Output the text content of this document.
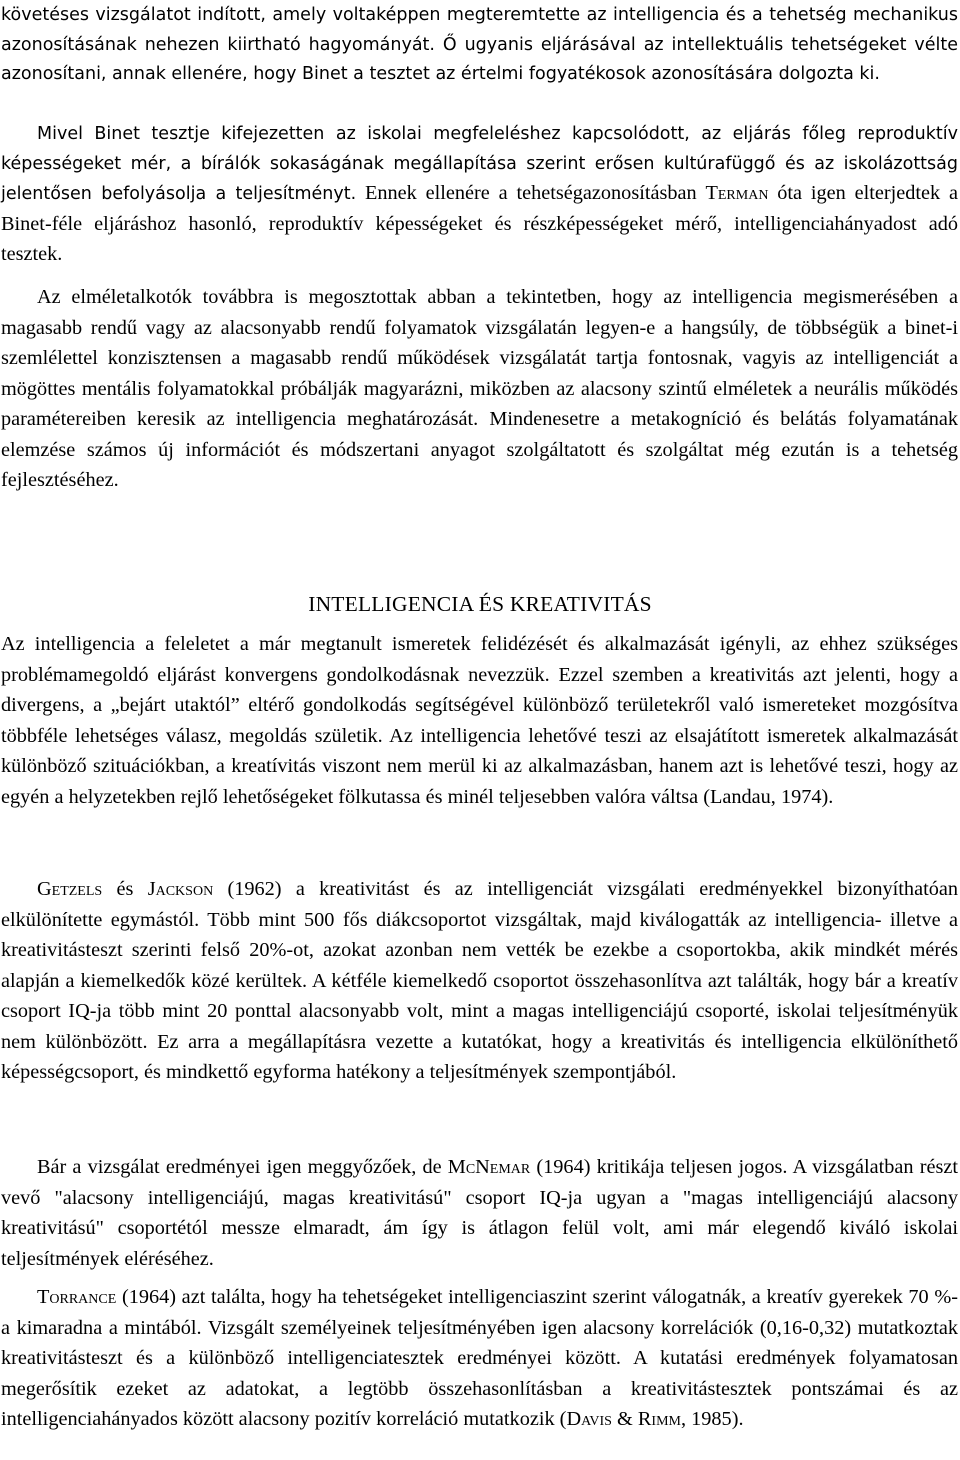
követéses vizsgálatot indított, amely voltaképpen megteremtette az intelligencia és a tehetség mechanikus azonosításának nehezen kiirtható hagyományát. Ő ugyanis eljárásával az intellektuális tehetségeket vélte azonosítani, annak ellenére, hogy Binet a tesztet az értelmi fogyatékosok azonosítására dolgozta ki.

Mivel Binet tesztje kifejezetten az iskolai megfeleléshez kapcsolódott, az eljárás főleg reproduktív képességeket mér, a bírálók sokaságának megállapítása szerint erősen kultúrafüggő és az iskolázottság jelentősen befolyásolja a teljesítményt. Ennek ellenére a tehetségazonosításban Terman óta igen elterjedtek a Binet-féle eljáráshoz hasonló, reproduktív képességeket és részképességeket mérő, intelligenciahányadost adó tesztek.

Az elméletalkotók továbbra is megosztottak abban a tekintetben, hogy az intelligencia megismerésében a magasabb rendű vagy az alacsonyabb rendű folyamatok vizsgálatán legyen-e a hangsúly, de többségük a binet-i szemlélettel konzisztensen a magasabb rendű működések vizsgálatát tartja fontosnak, vagyis az intelligenciát a mögöttes mentális folyamatokkal próbálják magyarázni, miközben az alacsony szintű elméletek a neurális működés paramétereiben keresik az intelligencia meghatározását. Mindenesetre a metakogníció és belátás folyamatának elemzése számos új információt és módszertani anyagot szolgáltatott és szolgáltat még ezután is a tehetség fejlesztéséhez.

INTELLIGENCIA ÉS KREATIVITÁS

Az intelligencia a feleletet a már megtanult ismeretek felidézését és alkalmazását igényli, az ehhez szükséges problémamegoldó eljárást konvergens gondolkodásnak nevezzük. Ezzel szemben a kreativitás azt jelenti, hogy a divergens, a „bejárt utaktól” eltérő gondolkodás segítségével különböző területekről való ismereteket mozgósítva többféle lehetséges válasz, megoldás születik. Az intelligencia lehetővé teszi az elsajátított ismeretek alkalmazását különböző szituációkban, a kreatívitás viszont nem merül ki az alkalmazásban, hanem azt is lehetővé teszi, hogy az egyén a helyzetekben rejlő lehetőségeket fölkutassa és minél teljesebben valóra váltsa (Landau, 1974).

Getzels és Jackson (1962) a kreativitást és az intelligenciát vizsgálati eredményekkel bizonyíthatóan elkülönítette egymástól. Több mint 500 fős diákcsoportot vizsgáltak, majd kiválogatták az intelligencia- illetve a kreativitásteszt szerinti felső 20%-ot, azokat azonban nem vették be ezekbe a csoportokba, akik mindkét mérés alapján a kiemelkedők közé kerültek. A kétféle kiemelkedő csoportot összehasonlítva azt találták, hogy bár a kreatív csoport IQ-ja több mint 20 ponttal alacsonyabb volt, mint a magas intelligenciájú csoporté, iskolai teljesítményük nem különbözött. Ez arra a megállapításra vezette a kutatókat, hogy a kreativitás és intelligencia elkülöníthető képességcsoport, és mindkettő egyforma hatékony a teljesítmények szempontjából.

Bár a vizsgálat eredményei igen meggyőzőek, de McNemar (1964) kritikája teljesen jogos. A vizsgálatban részt vevő "alacsony intelligenciájú, magas kreativitású" csoport IQ-ja ugyan a "magas intelligenciájú alacsony kreativitású" csoportétól messze elmaradt, ám így is átlagon felül volt, ami már elegendő kiváló iskolai teljesítmények eléréséhez.

Torrance (1964) azt találta, hogy ha tehetségeket intelligenciaszint szerint válogatnák, a kreatív gyerekek 70 %-a kimaradna a mintából. Vizsgált személyeinek teljesítményében igen alacsony korrelációk (0,16-0,32) mutatkoztak kreativitásteszt és a különböző intelligenciatesztek eredményei között. A kutatási eredmények folyamatosan megerősítik ezeket az adatokat, a legtöbb összehasonlításban a kreativitástesztek pontszámai és az intelligenciahányados között alacsony pozitív korreláció mutatkozik (Davis & Rimm, 1985).
